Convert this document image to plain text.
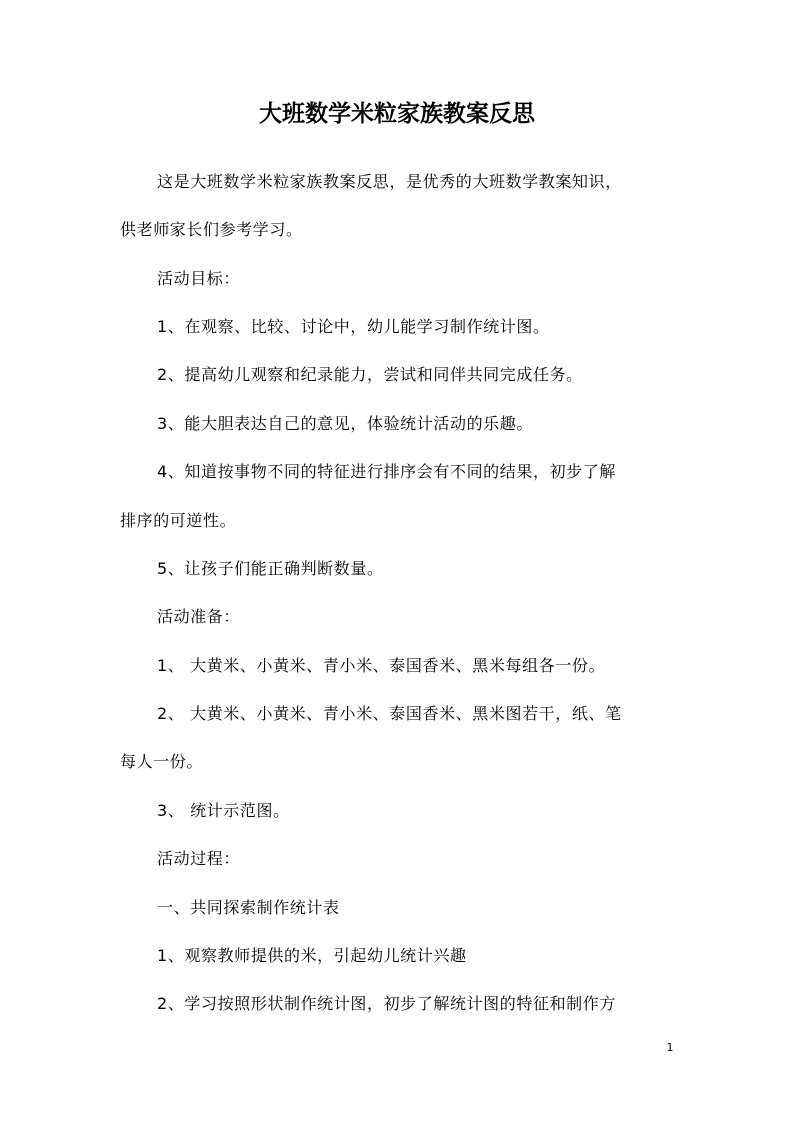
大班数学米粒家族教案反思
这是大班数学米粒家族教案反思，是优秀的大班数学教案知识，
供老师家长们参考学习。
活动目标：
1、在观察、比较、讨论中，幼儿能学习制作统计图。
2、提高幼儿观察和纪录能力，尝试和同伴共同完成任务。
3、能大胆表达自己的意见，体验统计活动的乐趣。
4、知道按事物不同的特征进行排序会有不同的结果，初步了解
排序的可逆性。
5、让孩子们能正确判断数量。
活动准备：
1、 大黄米、小黄米、青小米、泰国香米、黑米每组各一份。
2、 大黄米、小黄米、青小米、泰国香米、黑米图若干，纸、笔
每人一份。
3、 统计示范图。
活动过程：
一、共同探索制作统计表
1、观察教师提供的米，引起幼儿统计兴趣
2、学习按照形状制作统计图，初步了解统计图的特征和制作方
1
